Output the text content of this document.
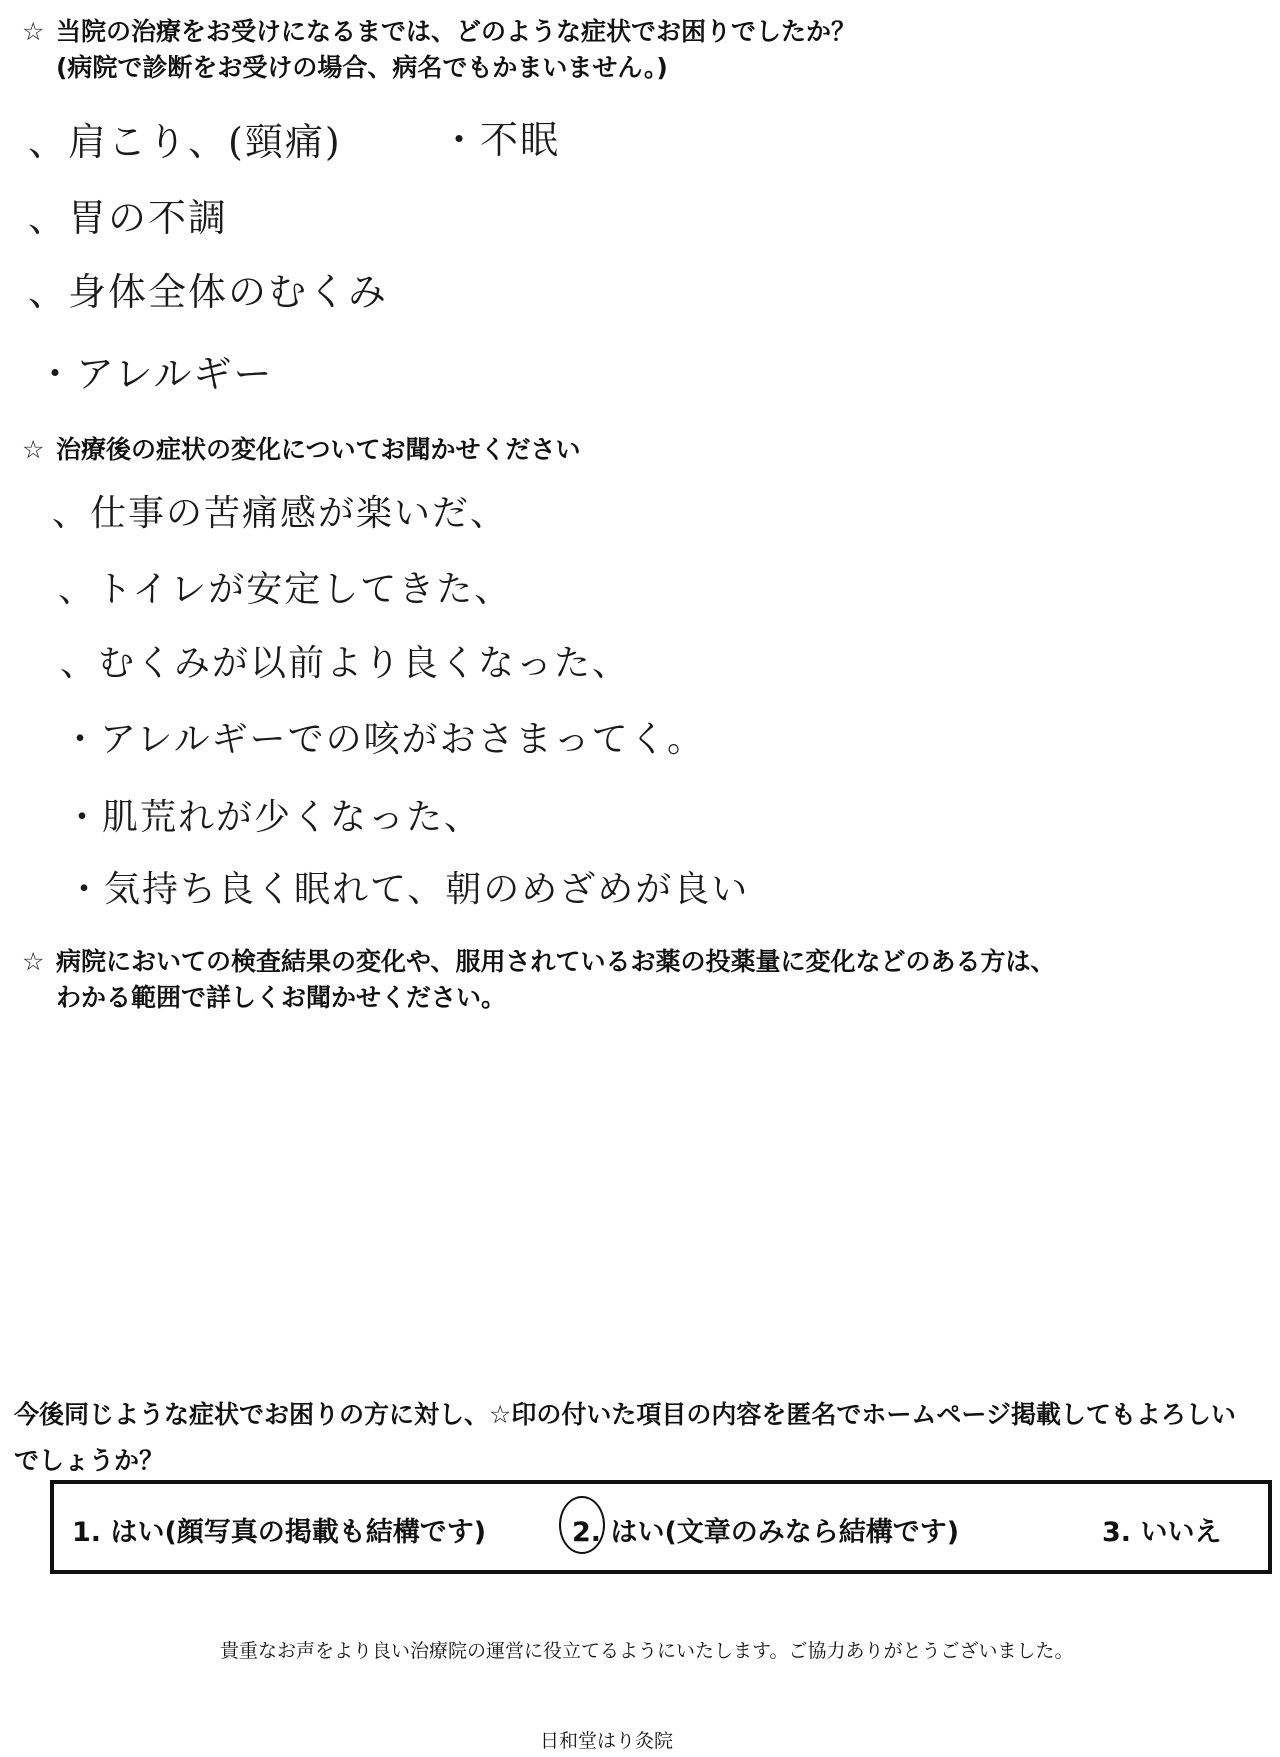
☆ 当院の治療をお受けになるまでは、どのような症状でお困りでしたか？
(病院で診断をお受けの場合、病名でもかまいません。)
、肩こり、(頸痛)	・不眠
、胃の不調
、身体全体のむくみ
・アレルギー
☆ 治療後の症状の変化についてお聞かせください
、仕事の苦痛感が楽いだ、
、トイレが安定してきた、
、むくみが以前より良くなった、
・アレルギーでの咳がおさまってく。
・肌荒れが少くなった、
・気持ち良く眠れて、朝のめざめが良い
☆ 病院においての検査結果の変化や、服用されているお薬の投薬量に変化などのある方は、
わかる範囲で詳しくお聞かせください。
今後同じような症状でお困りの方に対し、☆印の付いた項目の内容を匿名でホームページ掲載してもよろしいでしょうか？
1. はい(顔写真の掲載も結構です)	2. はい(文章のみなら結構です)	3. いいえ
貴重なお声をより良い治療院の運営に役立てるようにいたします。ご協力ありがとうございました。
日和堂はり灸院
